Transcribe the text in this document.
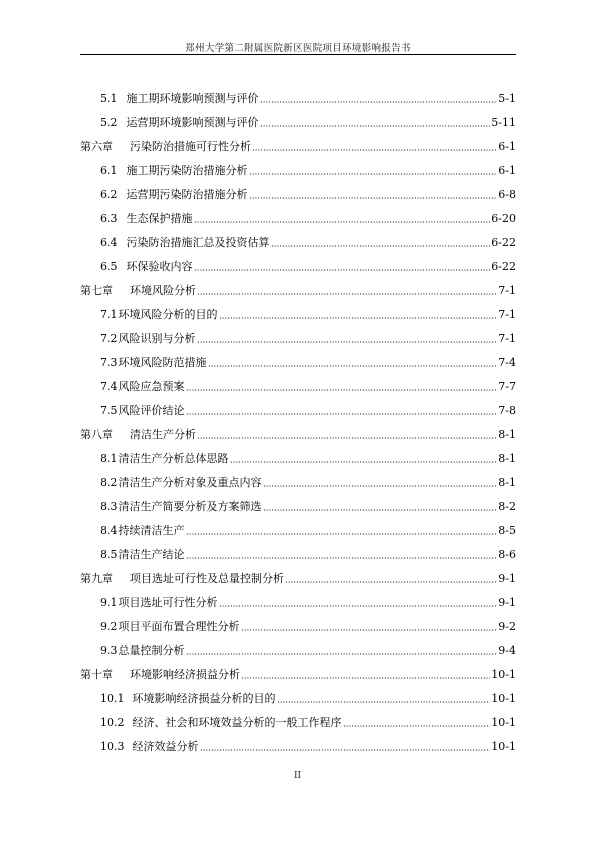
郑州大学第二附属医院新区医院项目环境影响报告书
5.1 施工期环境影响预测与评价	5-1
5.2 运营期环境影响预测与评价	5-11
第六章	污染防治措施可行性分析	6-1
6.1 施工期污染防治措施分析	6-1
6.2 运营期污染防治措施分析	6-8
6.3 生态保护措施	6-20
6.4 污染防治措施汇总及投资估算	6-22
6.5 环保验收内容	6-22
第七章	环境风险分析	7-1
7.1 环境风险分析的目的	7-1
7.2 风险识别与分析	7-1
7.3 环境风险防范措施	7-4
7.4 风险应急预案	7-7
7.5 风险评价结论	7-8
第八章	清洁生产分析	8-1
8.1 清洁生产分析总体思路	8-1
8.2 清洁生产分析对象及重点内容	8-1
8.3 清洁生产简要分析及方案筛选	8-2
8.4 持续清洁生产	8-5
8.5 清洁生产结论	8-6
第九章	项目选址可行性及总量控制分析	9-1
9.1 项目选址可行性分析	9-1
9.2 项目平面布置合理性分析	9-2
9.3 总量控制分析	9-4
第十章	环境影响经济损益分析	10-1
10.1 环境影响经济损益分析的目的	10-1
10.2 经济、社会和环境效益分析的一般工作程序	10-1
10.3 经济效益分析	10-1
II
